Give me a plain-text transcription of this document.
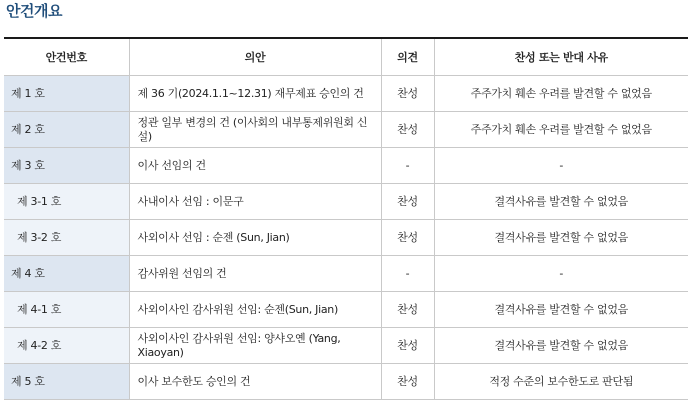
안건개요
안건번호	의안	의견	찬성 또는 반대 사유
제 1 호	제 36 기(2024.1.1~12.31) 재무제표 승인의 건	찬성	주주가치 훼손 우려를 발견할 수 없었음
제 2 호	정관 일부 변경의 건 (이사회의 내부통제위원회 신설)	찬성	주주가치 훼손 우려를 발견할 수 없었음
제 3 호	이사 선임의 건	-	-
제 3-1 호	사내이사 선임 : 이문구	찬성	결격사유를 발견할 수 없었음
제 3-2 호	사외이사 선임 : 순젠 (Sun, Jian)	찬성	결격사유를 발견할 수 없었음
제 4 호	감사위원 선임의 건	-	-
제 4-1 호	사외이사인 감사위원 선임: 순젠(Sun, Jian)	찬성	결격사유를 발견할 수 없었음
제 4-2 호	사외이사인 감사위원 선임: 양샤오옌 (Yang, Xiaoyan)	찬성	결격사유를 발견할 수 없었음
제 5 호	이사 보수한도 승인의 건	찬성	적정 수준의 보수한도로 판단됨
